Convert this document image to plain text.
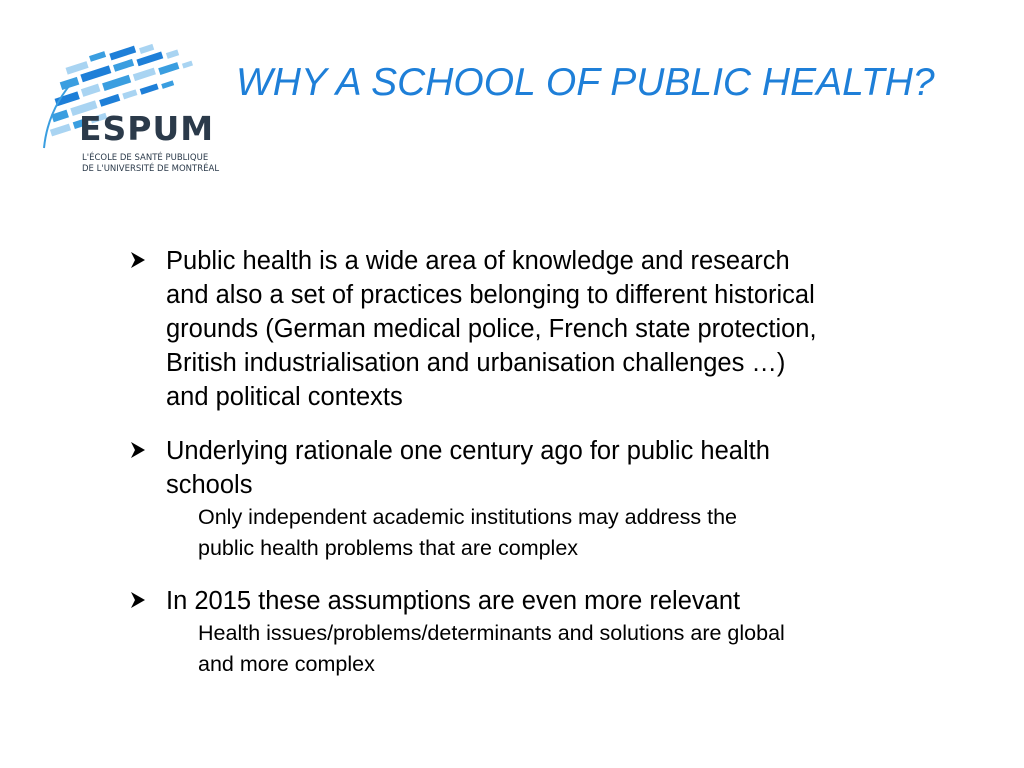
ESPUM
L'ÉCOLE DE SANTÉ PUBLIQUE
DE L'UNIVERSITÉ DE MONTRÉAL
WHY A SCHOOL OF PUBLIC HEALTH?

Public health is a wide area of knowledge and research
and also a set of practices belonging to different historical
grounds (German medical police, French state protection,
British industrialisation and urbanisation challenges …)
and political contexts

Underlying rationale one century ago for public health
schools

Only independent academic institutions may address the
public health problems that are complex

In 2015 these assumptions are even more relevant

Health issues/problems/determinants and solutions are global
and more complex
